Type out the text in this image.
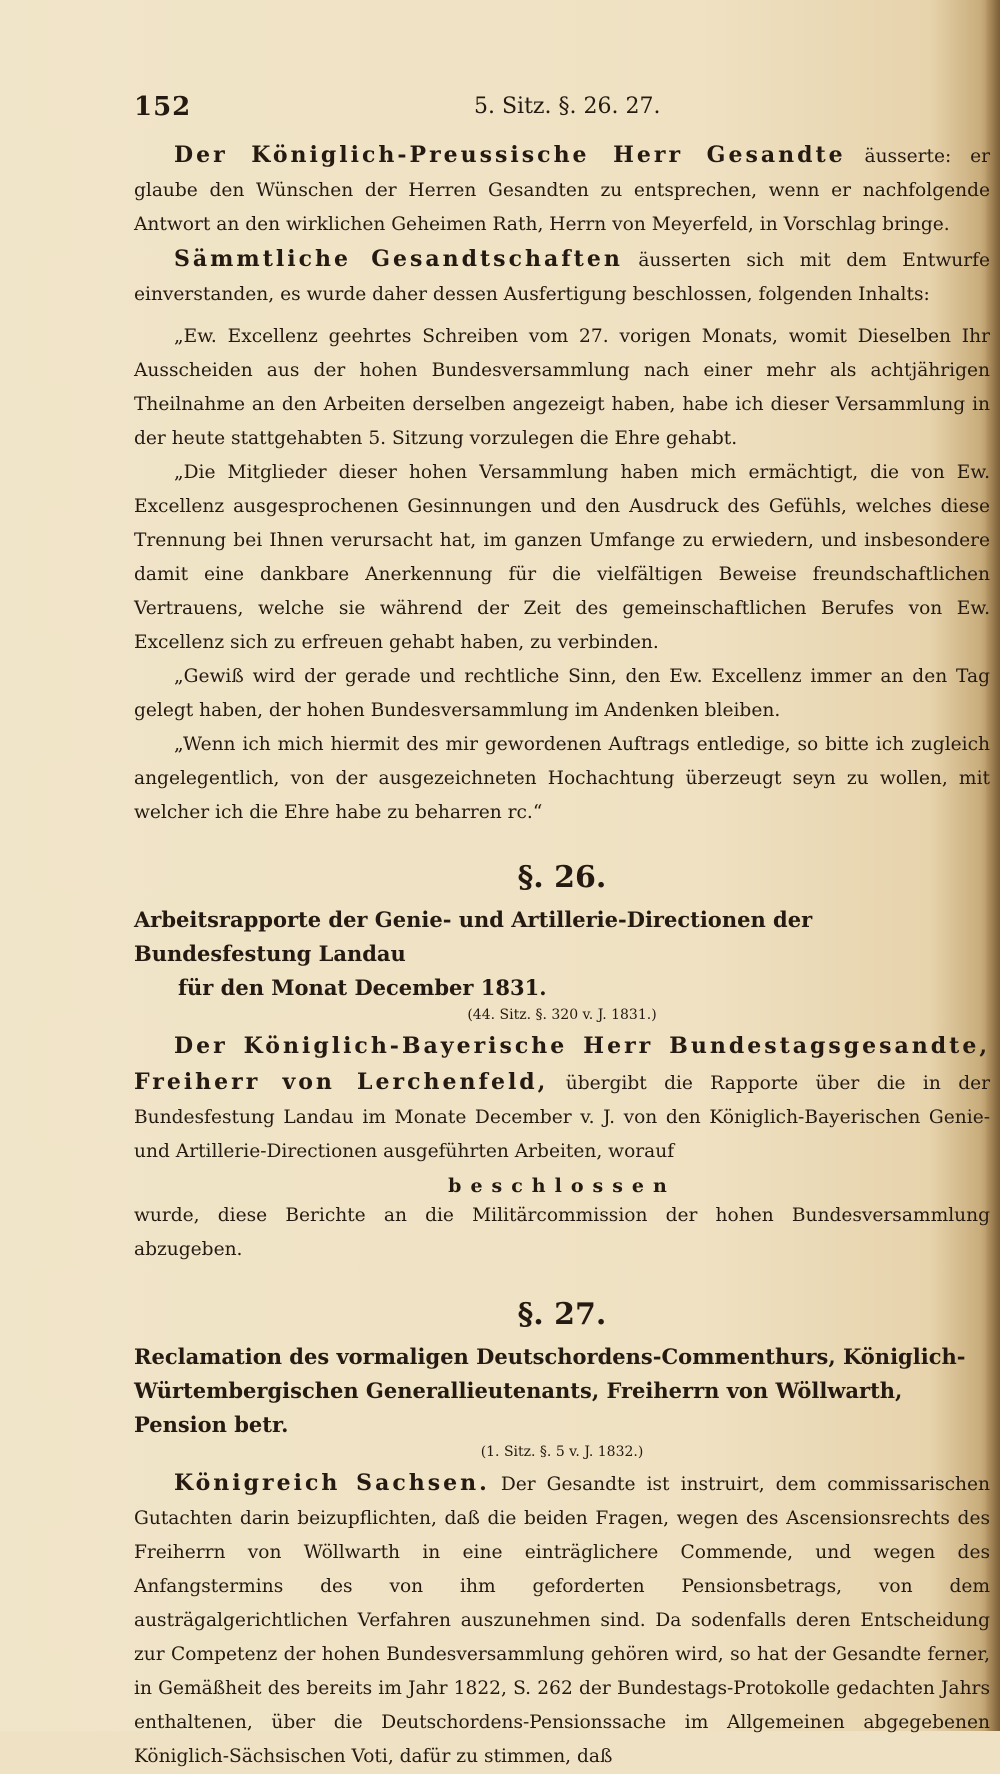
152	5. Sitz. §. 26. 27.

Der Königlich-Preussische Herr Gesandte äusserte: er glaube den Wünschen der Herren Gesandten zu entsprechen, wenn er nachfolgende Antwort an den wirklichen Geheimen Rath, Herrn von Meyerfeld, in Vorschlag bringe.

Sämmtliche Gesandtschaften äusserten sich mit dem Entwurfe einverstanden, es wurde daher dessen Ausfertigung beschlossen, folgenden Inhalts:

„Ew. Excellenz geehrtes Schreiben vom 27. vorigen Monats, womit Dieselben Ihr Ausscheiden aus der hohen Bundesversammlung nach einer mehr als achtjährigen Theilnahme an den Arbeiten derselben angezeigt haben, habe ich dieser Versammlung in der heute stattgehabten 5. Sitzung vorzulegen die Ehre gehabt.

„Die Mitglieder dieser hohen Versammlung haben mich ermächtigt, die von Ew. Excellenz ausgesprochenen Gesinnungen und den Ausdruck des Gefühls, welches diese Trennung bei Ihnen verursacht hat, im ganzen Umfange zu erwiedern, und insbesondere damit eine dankbare Anerkennung für die vielfältigen Beweise freundschaftlichen Vertrauens, welche sie während der Zeit des gemeinschaftlichen Berufes von Ew. Excellenz sich zu erfreuen gehabt haben, zu verbinden.

„Gewiß wird der gerade und rechtliche Sinn, den Ew. Excellenz immer an den Tag gelegt haben, der hohen Bundesversammlung im Andenken bleiben.

„Wenn ich mich hiermit des mir gewordenen Auftrags entledige, so bitte ich zugleich angelegentlich, von der ausgezeichneten Hochachtung überzeugt seyn zu wollen, mit welcher ich die Ehre habe zu beharren rc.“

§. 26.
Arbeitsrapporte der Genie- und Artillerie-Directionen der Bundesfestung Landau
für den Monat December 1831.
(44. Sitz. §. 320 v. J. 1831.)

Der Königlich-Bayerische Herr Bundestagsgesandte, Freiherr von Lerchenfeld, übergibt die Rapporte über die in der Bundesfestung Landau im Monate December v. J. von den Königlich-Bayerischen Genie- und Artillerie-Directionen ausgeführten Arbeiten, worauf

beschlossen

wurde, diese Berichte an die Militärcommission der hohen Bundesversammlung abzugeben.

§. 27.
Reclamation des vormaligen Deutschordens-Commenthurs, Königlich-Würtembergischen Generallieutenants, Freiherrn von Wöllwarth, Pension betr.
(1. Sitz. §. 5 v. J. 1832.)

Königreich Sachsen. Der Gesandte ist instruirt, dem commissarischen Gutachten darin beizupflichten, daß die beiden Fragen, wegen des Ascensionsrechts des Freiherrn von Wöllwarth in eine einträglichere Commende, und wegen des Anfangstermins des von ihm geforderten Pensionsbetrags, von dem austrägalgerichtlichen Verfahren auszunehmen sind. Da sodenfalls deren Entscheidung zur Competenz der hohen Bundesversammlung gehören wird, so hat der Gesandte ferner, in Gemäßheit des bereits im Jahr 1822, S. 262 der Bundestags-Protokolle gedachten Jahrs enthaltenen, über die Deutschordens-Pensionssache im Allgemeinen abgegebenen Königlich-Sächsischen Voti, dafür zu stimmen, daß
